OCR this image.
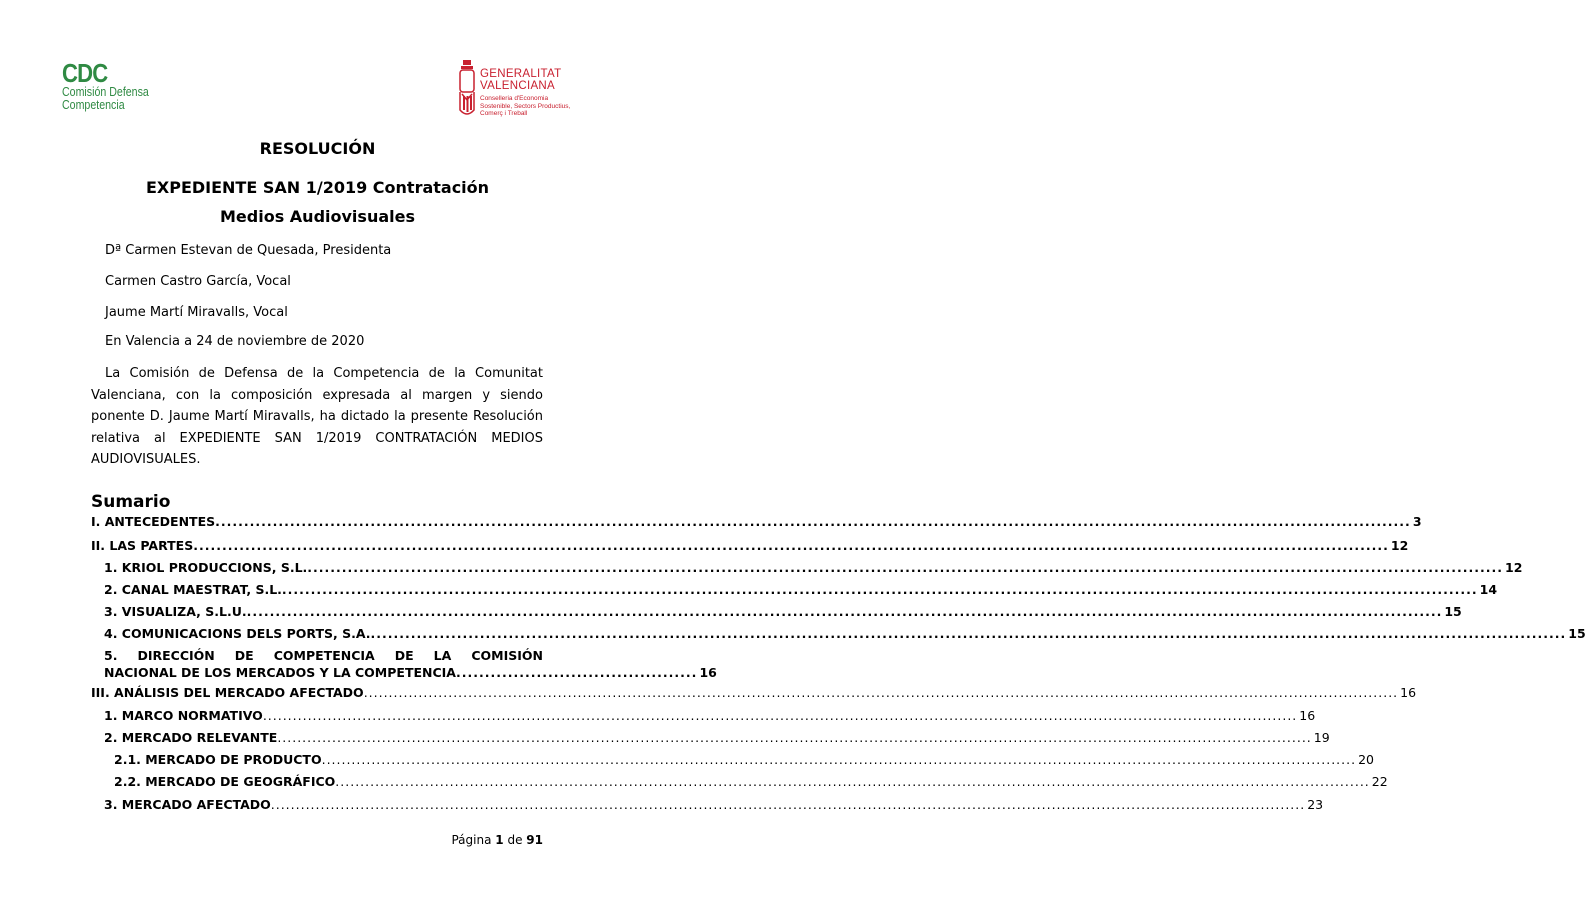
CDC
Comisión Defensa
Competencia
GENERALITAT
VALENCIANA
Conselleria d'Economia
Sostenible, Sectors Productius,
Comerç i Treball
RESOLUCIÓN
EXPEDIENTE SAN 1/2019 Contratación
Medios Audiovisuales
Dª Carmen Estevan de Quesada, Presidenta
Carmen Castro García, Vocal
Jaume Martí Miravalls, Vocal
En Valencia a 24 de noviembre de 2020
La Comisión de Defensa de la Competencia de la Comunitat Valenciana, con la composición expresada al margen y siendo ponente D. Jaume Martí Miravalls, ha dictado la presente Resolución relativa al EXPEDIENTE SAN 1/2019 CONTRATACIÓN MEDIOS AUDIOVISUALES.
Sumario
I. ANTECEDENTES .....	3
II. LAS PARTES .....	12
1. KRIOL PRODUCCIONS, S.L. .....	12
2. CANAL MAESTRAT, S.L. .....	14
3. VISUALIZA, S.L.U. .....	15
4. COMUNICACIONS DELS PORTS, S.A. .....	15
5. DIRECCIÓN DE COMPETENCIA DE LA COMISIÓN
NACIONAL DE LOS MERCADOS Y LA COMPETENCIA .......................................... 16
III. ANÁLISIS DEL MERCADO AFECTADO .....	16
1. MARCO NORMATIVO .....	16
2. MERCADO RELEVANTE .....	19
2.1. MERCADO DE PRODUCTO .....	20
2.2. MERCADO DE GEOGRÁFICO .....	22
3. MERCADO AFECTADO .....	23
Página 1 de 91
